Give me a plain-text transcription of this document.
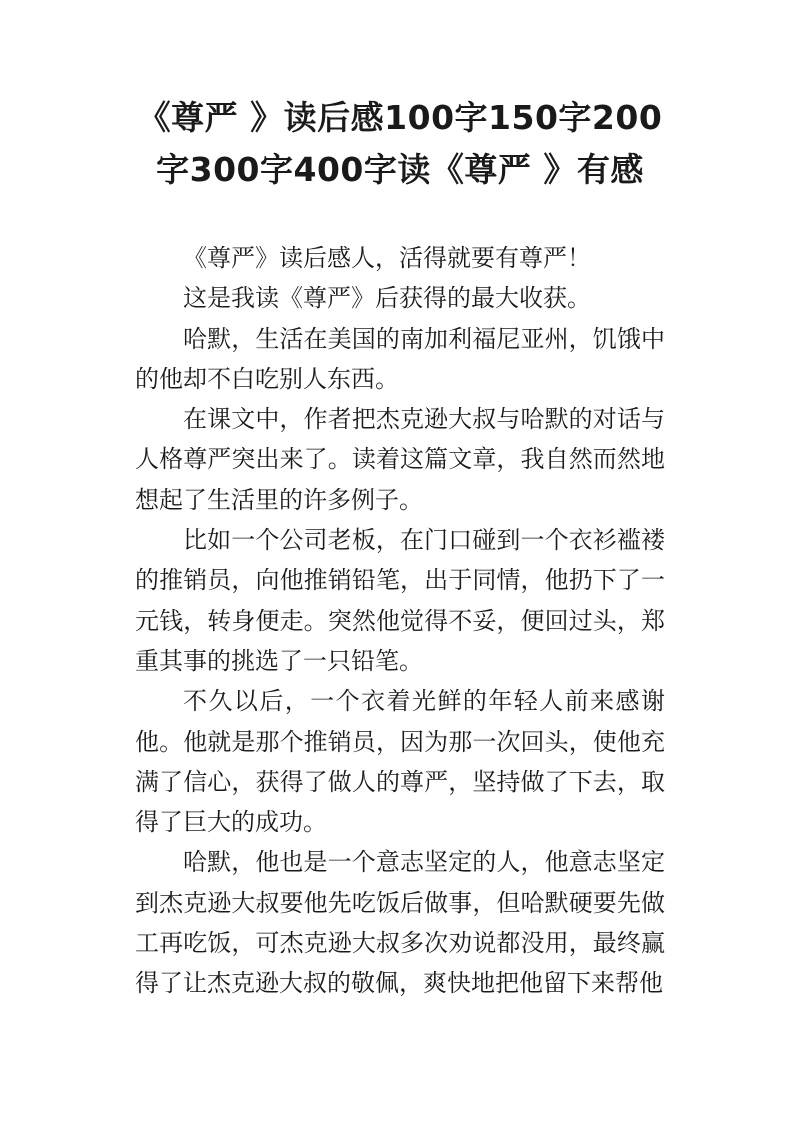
《尊严 》读后感100字150字200
字300字400字读《尊严 》有感

《尊严》读后感人，活得就要有尊严！

这是我读《尊严》后获得的最大收获。

哈默，生活在美国的南加利福尼亚州，饥饿中的他却不白吃别人东西。

在课文中，作者把杰克逊大叔与哈默的对话与人格尊严突出来了。读着这篇文章，我自然而然地想起了生活里的许多例子。

比如一个公司老板，在门口碰到一个衣衫褴褛的推销员，向他推销铅笔，出于同情，他扔下了一元钱，转身便走。突然他觉得不妥，便回过头，郑重其事的挑选了一只铅笔。

不久以后，一个衣着光鲜的年轻人前来感谢他。他就是那个推销员，因为那一次回头，使他充满了信心，获得了做人的尊严，坚持做了下去，取得了巨大的成功。

哈默，他也是一个意志坚定的人，他意志坚定到杰克逊大叔要他先吃饭后做事，但哈默硬要先做工再吃饭，可杰克逊大叔多次劝说都没用，最终赢得了让杰克逊大叔的敬佩，爽快地把他留下来帮他
